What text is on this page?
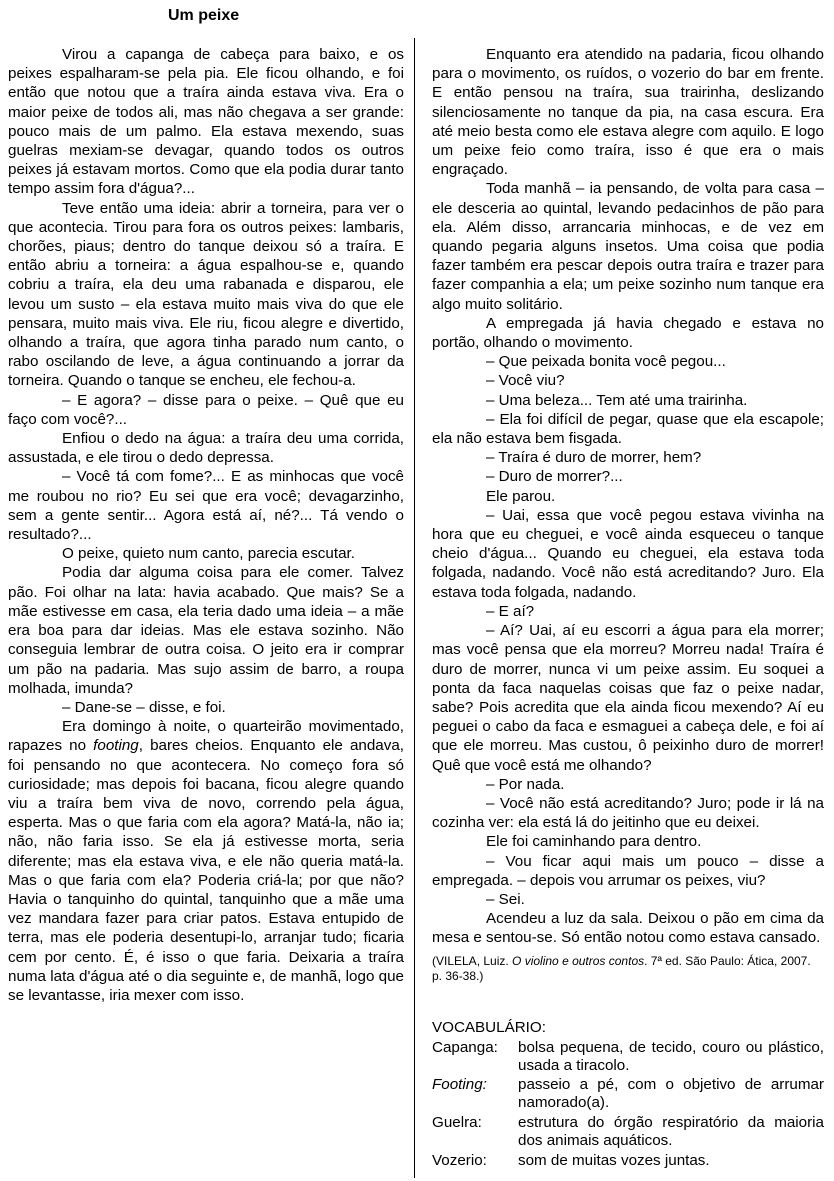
Um peixe

Virou a capanga de cabeça para baixo, e os peixes espalharam-se pela pia. Ele ficou olhando, e foi então que notou que a traíra ainda estava viva. Era o maior peixe de todos ali, mas não chegava a ser grande: pouco mais de um palmo. Ela estava mexendo, suas guelras mexiam-se devagar, quando todos os outros peixes já estavam mortos. Como que ela podia durar tanto tempo assim fora d'água?...

Teve então uma ideia: abrir a torneira, para ver o que acontecia. Tirou para fora os outros peixes: lambaris, chorões, piaus; dentro do tanque deixou só a traíra. E então abriu a torneira: a água espalhou-se e, quando cobriu a traíra, ela deu uma rabanada e disparou, ele levou um susto – ela estava muito mais viva do que ele pensara, muito mais viva. Ele riu, ficou alegre e divertido, olhando a traíra, que agora tinha parado num canto, o rabo oscilando de leve, a água continuando a jorrar da torneira. Quando o tanque se encheu, ele fechou-a.

– E agora? – disse para o peixe. – Quê que eu faço com você?...

Enfiou o dedo na água: a traíra deu uma corrida, assustada, e ele tirou o dedo depressa.

– Você tá com fome?... E as minhocas que você me roubou no rio? Eu sei que era você; devagarzinho, sem a gente sentir... Agora está aí, né?... Tá vendo o resultado?...

O peixe, quieto num canto, parecia escutar.

Podia dar alguma coisa para ele comer. Talvez pão. Foi olhar na lata: havia acabado. Que mais? Se a mãe estivesse em casa, ela teria dado uma ideia – a mãe era boa para dar ideias. Mas ele estava sozinho. Não conseguia lembrar de outra coisa. O jeito era ir comprar um pão na padaria. Mas sujo assim de barro, a roupa molhada, imunda?

– Dane-se – disse, e foi.

Era domingo à noite, o quarteirão movimentado, rapazes no footing, bares cheios. Enquanto ele andava, foi pensando no que acontecera. No começo fora só curiosidade; mas depois foi bacana, ficou alegre quando viu a traíra bem viva de novo, correndo pela água, esperta. Mas o que faria com ela agora? Matá-la, não ia; não, não faria isso. Se ela já estivesse morta, seria diferente; mas ela estava viva, e ele não queria matá-la. Mas o que faria com ela? Poderia criá-la; por que não? Havia o tanquinho do quintal, tanquinho que a mãe uma vez mandara fazer para criar patos. Estava entupido de terra, mas ele poderia desentupi-lo, arranjar tudo; ficaria cem por cento. É, é isso o que faria. Deixaria a traíra numa lata d'água até o dia seguinte e, de manhã, logo que se levantasse, iria mexer com isso.

Enquanto era atendido na padaria, ficou olhando para o movimento, os ruídos, o vozerio do bar em frente. E então pensou na traíra, sua trairinha, deslizando silenciosamente no tanque da pia, na casa escura. Era até meio besta como ele estava alegre com aquilo. E logo um peixe feio como traíra, isso é que era o mais engraçado.

Toda manhã – ia pensando, de volta para casa – ele desceria ao quintal, levando pedacinhos de pão para ela. Além disso, arrancaria minhocas, e de vez em quando pegaria alguns insetos. Uma coisa que podia fazer também era pescar depois outra traíra e trazer para fazer companhia a ela; um peixe sozinho num tanque era algo muito solitário.

A empregada já havia chegado e estava no portão, olhando o movimento.

– Que peixada bonita você pegou...

– Você viu?

– Uma beleza... Tem até uma trairinha.

– Ela foi difícil de pegar, quase que ela escapole; ela não estava bem fisgada.

– Traíra é duro de morrer, hem?

– Duro de morrer?...

Ele parou.

– Uai, essa que você pegou estava vivinha na hora que eu cheguei, e você ainda esqueceu o tanque cheio d'água... Quando eu cheguei, ela estava toda folgada, nadando. Você não está acreditando? Juro. Ela estava toda folgada, nadando.

– E aí?

– Aí? Uai, aí eu escorri a água para ela morrer; mas você pensa que ela morreu? Morreu nada! Traíra é duro de morrer, nunca vi um peixe assim. Eu soquei a ponta da faca naquelas coisas que faz o peixe nadar, sabe? Pois acredita que ela ainda ficou mexendo? Aí eu peguei o cabo da faca e esmaguei a cabeça dele, e foi aí que ele morreu. Mas custou, ô peixinho duro de morrer! Quê que você está me olhando?

– Por nada.

– Você não está acreditando? Juro; pode ir lá na cozinha ver: ela está lá do jeitinho que eu deixei.

Ele foi caminhando para dentro.

– Vou ficar aqui mais um pouco – disse a empregada. – depois vou arrumar os peixes, viu?

– Sei.

Acendeu a luz da sala. Deixou o pão em cima da mesa e sentou-se. Só então notou como estava cansado.

(VILELA, Luiz. O violino e outros contos. 7ª ed. São Paulo: Ática, 2007. p. 36-38.)

VOCABULÁRIO:
Capanga: bolsa pequena, de tecido, couro ou plástico, usada a tiracolo.
Footing: passeio a pé, com o objetivo de arrumar namorado(a).
Guelra: estrutura do órgão respiratório da maioria dos animais aquáticos.
Vozerio: som de muitas vozes juntas.
